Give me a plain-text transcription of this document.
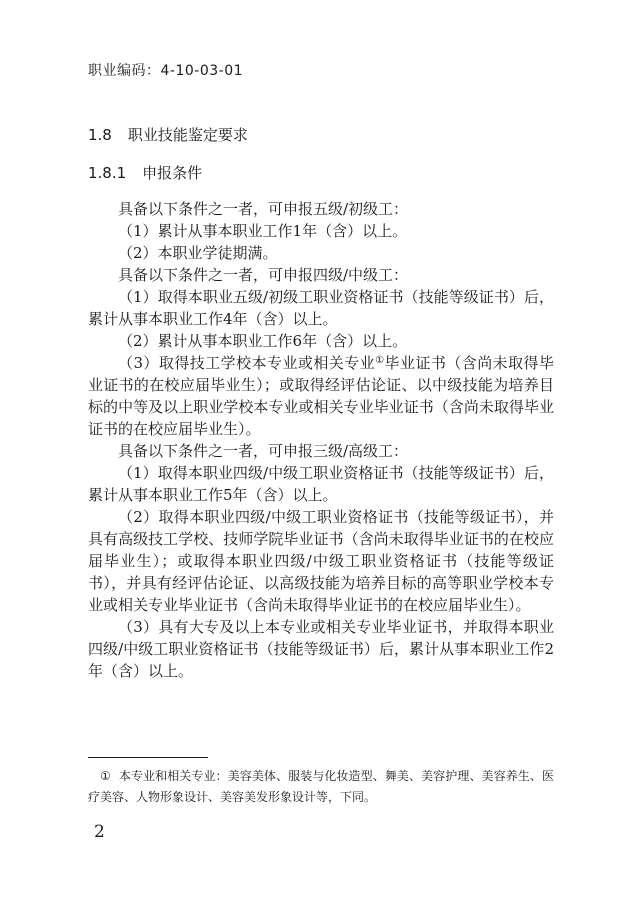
职业编码：4-10-03-01
1.8 职业技能鉴定要求
1.8.1 申报条件

具备以下条件之一者，可申报五级/初级工：

（1）累计从事本职业工作1年（含）以上。

（2）本职业学徒期满。

具备以下条件之一者，可申报四级/中级工：

（1）取得本职业五级/初级工职业资格证书（技能等级证书）后，累计从事本职业工作4年（含）以上。

（2）累计从事本职业工作6年（含）以上。

（3）取得技工学校本专业或相关专业①毕业证书（含尚未取得毕业证书的在校应届毕业生）；或取得经评估论证、以中级技能为培养目标的中等及以上职业学校本专业或相关专业毕业证书（含尚未取得毕业证书的在校应届毕业生）。

具备以下条件之一者，可申报三级/高级工：

（1）取得本职业四级/中级工职业资格证书（技能等级证书）后，累计从事本职业工作5年（含）以上。

（2）取得本职业四级/中级工职业资格证书（技能等级证书），并具有高级技工学校、技师学院毕业证书（含尚未取得毕业证书的在校应届毕业生）；或取得本职业四级/中级工职业资格证书（技能等级证书），并具有经评估论证、以高级技能为培养目标的高等职业学校本专业或相关专业毕业证书（含尚未取得毕业证书的在校应届毕业生）。

（3）具有大专及以上本专业或相关专业毕业证书，并取得本职业四级/中级工职业资格证书（技能等级证书）后，累计从事本职业工作2年（含）以上。

① 本专业和相关专业：美容美体、服装与化妆造型、舞美、美容护理、美容养生、医疗美容、人物形象设计、美容美发形象设计等，下同。

2
